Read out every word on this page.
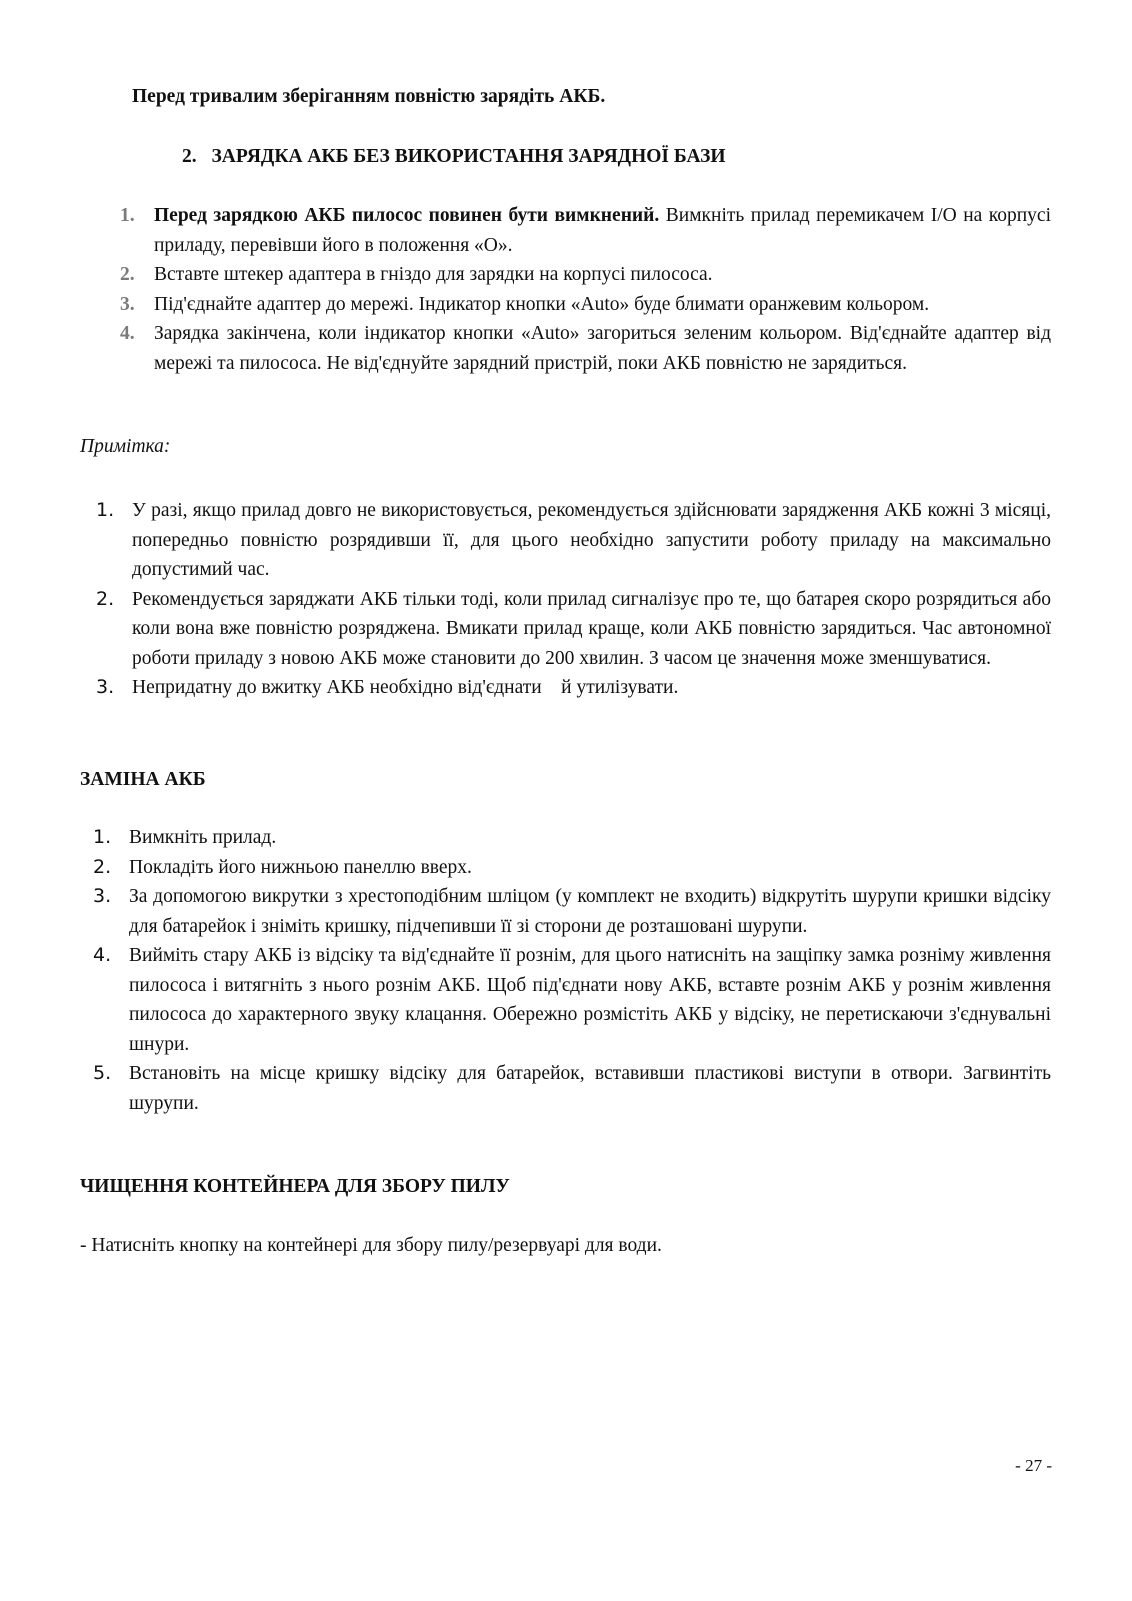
Перед тривалим зберіганням повністю зарядіть АКБ.
2. ЗАРЯДКА АКБ БЕЗ ВИКОРИСТАННЯ ЗАРЯДНОЇ БАЗИ
1. Перед зарядкою АКБ пилосос повинен бути вимкнений. Вимкніть прилад перемикачем I/O на корпусі приладу, перевівши його в положення «О».
2. Вставте штекер адаптера в гніздо для зарядки на корпусі пилососа.
3. Під'єднайте адаптер до мережі. Індикатор кнопки «Auto» буде блимати оранжевим кольором.
4. Зарядка закінчена, коли індикатор кнопки «Auto» загориться зеленим кольором. Від'єднайте адаптер від мережі та пилососа. Не від'єднуйте зарядний пристрій, поки АКБ повністю не зарядиться.
Примітка:
1. У разі, якщо прилад довго не використовується, рекомендується здійснювати зарядження АКБ кожні 3 місяці, попередньо повністю розрядивши її, для цього необхідно запустити роботу приладу на максимально допустимий час.
2. Рекомендується заряджати АКБ тільки тоді, коли прилад сигналізує про те, що батарея скоро розрядиться або коли вона вже повністю розряджена. Вмикати прилад краще, коли АКБ повністю зарядиться. Час автономної роботи приладу з новою АКБ може становити до 200 хвилин. З часом це значення може зменшуватися.
3. Непридатну до вжитку АКБ необхідно від'єднати    й утилізувати.
ЗАМІНА АКБ
1. Вимкніть прилад.
2. Покладіть його нижньою панеллю вверх.
3. За допомогою викрутки з хрестоподібним шліцом (у комплект не входить) відкрутіть шурупи кришки відсіку для батарейок і зніміть кришку, підчепивши її зі сторони де розташовані шурупи.
4. Вийміть стару АКБ із відсіку та від'єднайте її рознім, для цього натисніть на защіпку замка розніму живлення пилососа і витягніть з нього рознім АКБ. Щоб під'єднати нову АКБ, вставте рознім АКБ у рознім живлення пилососа до характерного звуку клацання. Обережно розмістіть АКБ у відсіку, не перетискаючи з'єднувальні шнури.
5. Встановіть на місце кришку відсіку для батарейок, вставивши пластикові виступи в отвори. Загвинтіть шурупи.
ЧИЩЕННЯ КОНТЕЙНЕРА ДЛЯ ЗБОРУ ПИЛУ
- Натисніть кнопку на контейнері для збору пилу/резервуарі для води.
- 27 -
